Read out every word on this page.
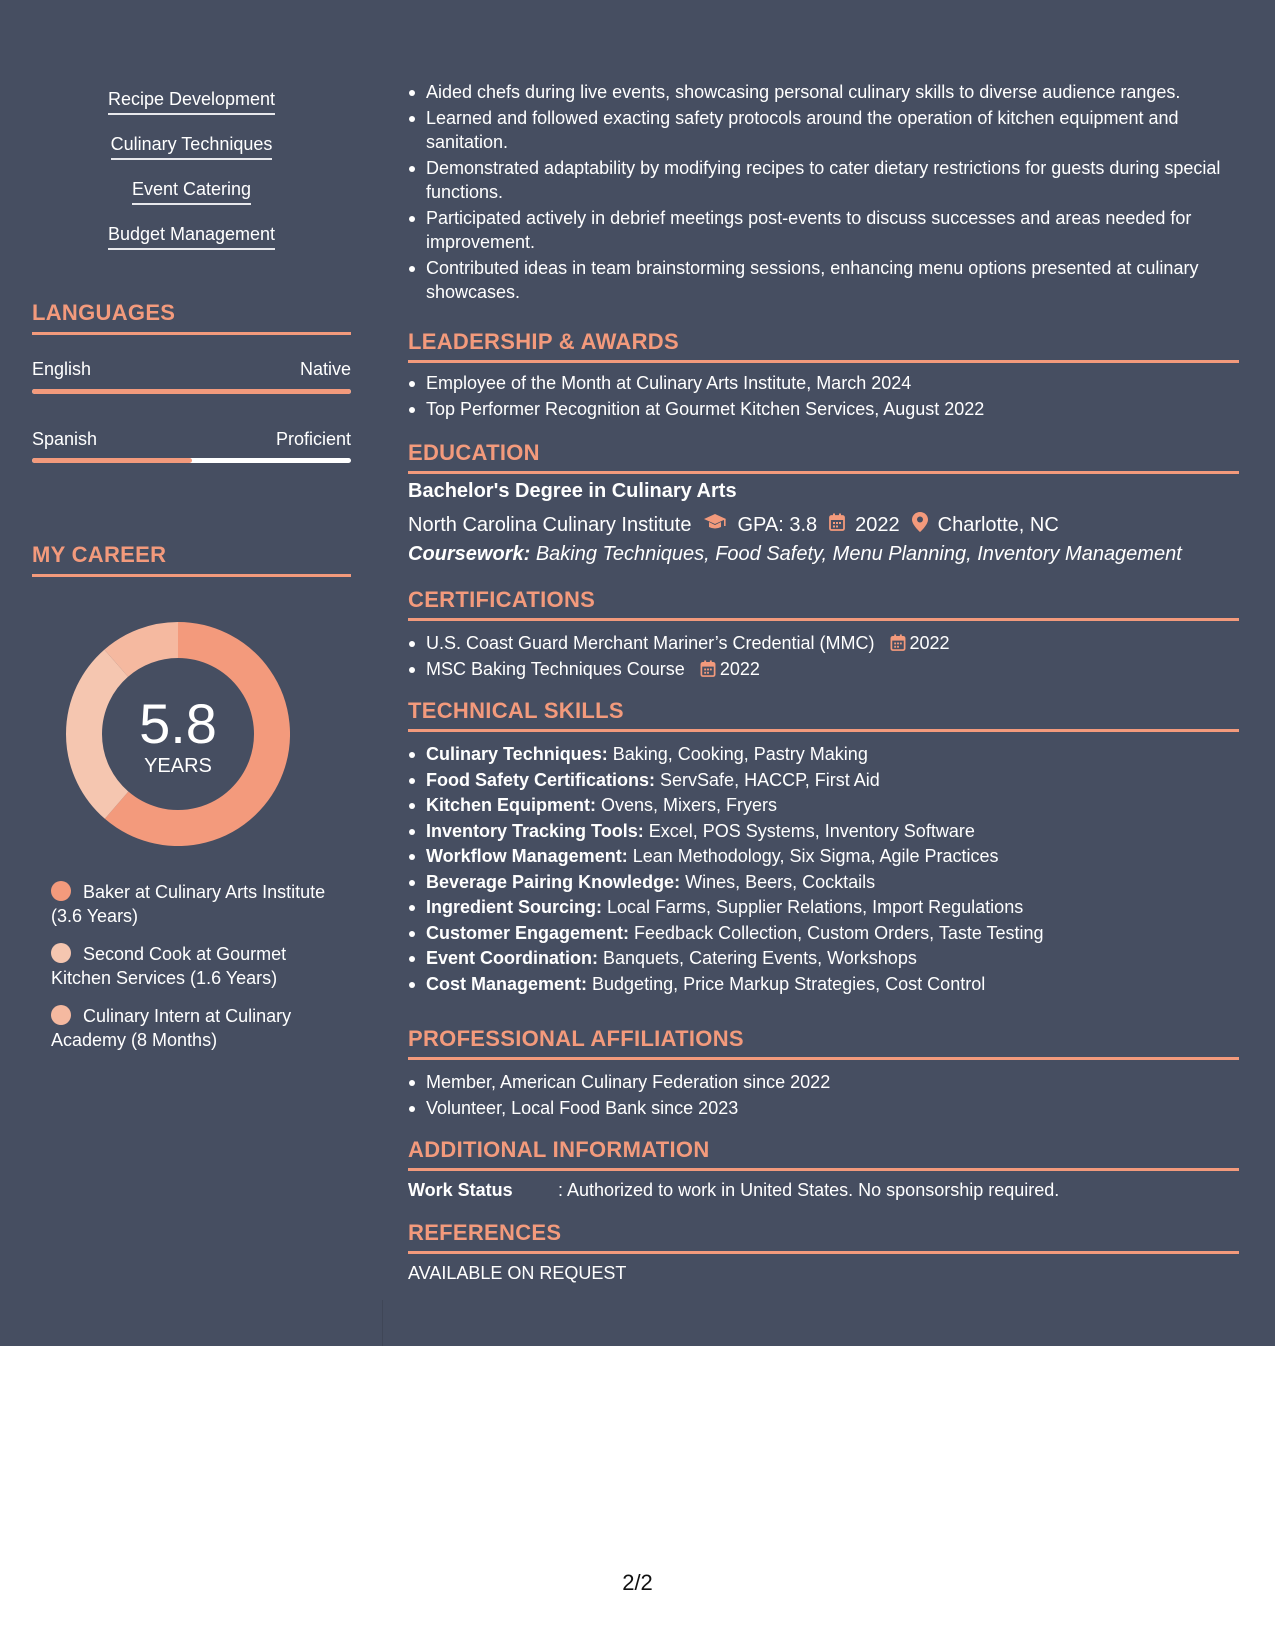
Recipe Development
Culinary Techniques
Event Catering
Budget Management
LANGUAGES
English	Native
Spanish	Proficient
MY CAREER
5.8
YEARS
Baker at Culinary Arts Institute (3.6 Years)
Second Cook at Gourmet Kitchen Services (1.6 Years)
Culinary Intern at Culinary Academy (8 Months)
Aided chefs during live events, showcasing personal culinary skills to diverse audience ranges.
Learned and followed exacting safety protocols around the operation of kitchen equipment and sanitation.
Demonstrated adaptability by modifying recipes to cater dietary restrictions for guests during special functions.
Participated actively in debrief meetings post-events to discuss successes and areas needed for improvement.
Contributed ideas in team brainstorming sessions, enhancing menu options presented at culinary showcases.
LEADERSHIP & AWARDS
Employee of the Month at Culinary Arts Institute, March 2024
Top Performer Recognition at Gourmet Kitchen Services, August 2022
EDUCATION
Bachelor's Degree in Culinary Arts
North Carolina Culinary Institute GPA: 3.8 2022 Charlotte, NC
Coursework: Baking Techniques, Food Safety, Menu Planning, Inventory Management
CERTIFICATIONS
U.S. Coast Guard Merchant Mariner’s Credential (MMC) 2022
MSC Baking Techniques Course 2022
TECHNICAL SKILLS
Culinary Techniques: Baking, Cooking, Pastry Making
Food Safety Certifications: ServSafe, HACCP, First Aid
Kitchen Equipment: Ovens, Mixers, Fryers
Inventory Tracking Tools: Excel, POS Systems, Inventory Software
Workflow Management: Lean Methodology, Six Sigma, Agile Practices
Beverage Pairing Knowledge: Wines, Beers, Cocktails
Ingredient Sourcing: Local Farms, Supplier Relations, Import Regulations
Customer Engagement: Feedback Collection, Custom Orders, Taste Testing
Event Coordination: Banquets, Catering Events, Workshops
Cost Management: Budgeting, Price Markup Strategies, Cost Control
PROFESSIONAL AFFILIATIONS
Member, American Culinary Federation since 2022
Volunteer, Local Food Bank since 2023
ADDITIONAL INFORMATION
Work Status	: Authorized to work in United States. No sponsorship required.
REFERENCES
AVAILABLE ON REQUEST
2/2
